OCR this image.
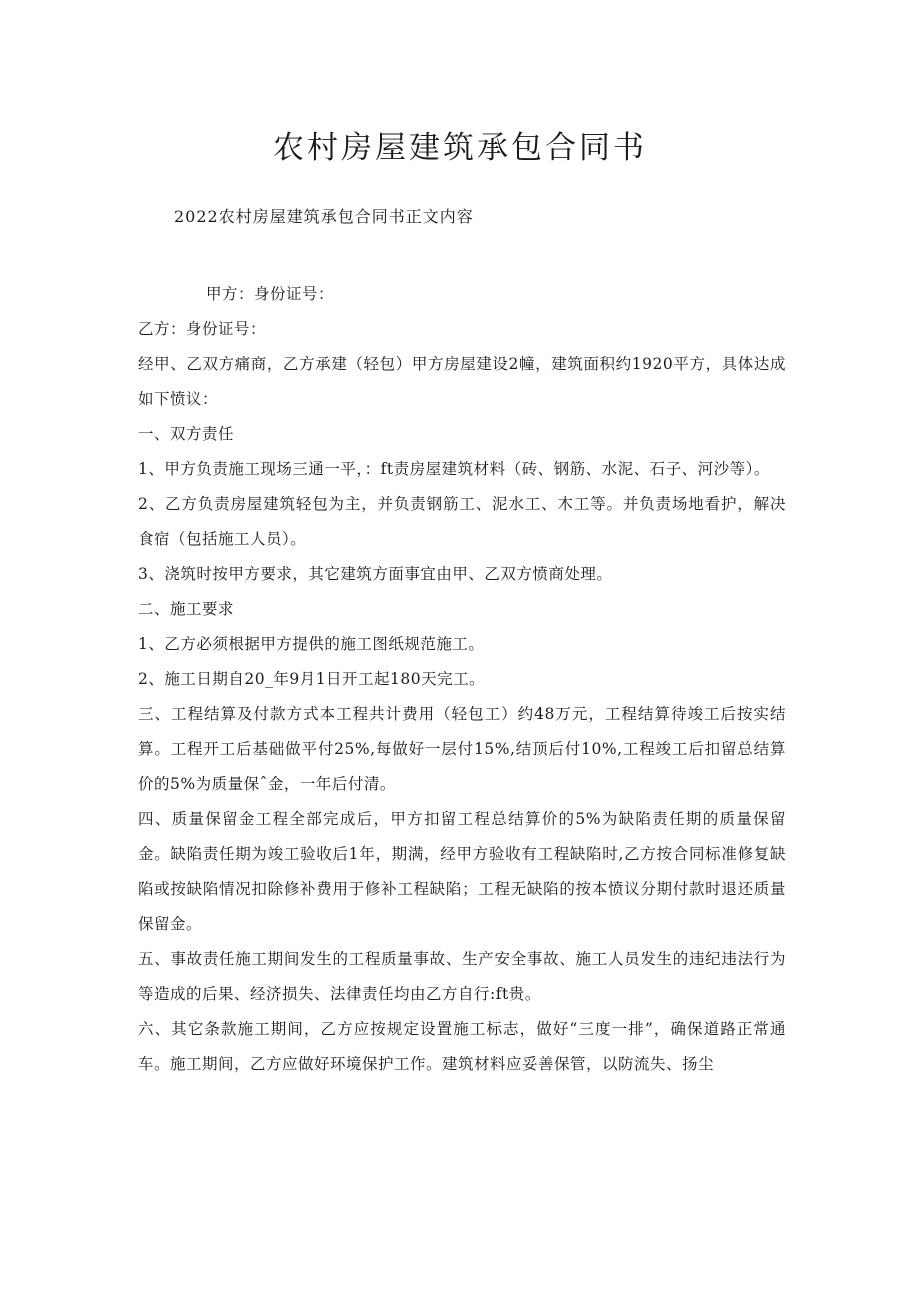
农村房屋建筑承包合同书
2022农村房屋建筑承包合同书正文内容

甲方：身份证号：

乙方：身份证号：

经甲、乙双方痛商，乙方承建（轻包）甲方房屋建设2幢，建筑面积约1920平方，具体达成如下愤议：

一、双方责任

1、甲方负责施工现场三通一平，：ft责房屋建筑材料（砖、钢筋、水泥、石子、河沙等）。

2、乙方负责房屋建筑轻包为主，并负责钢筋工、泥水工、木工等。并负责场地看护，解决食宿（包括施工人员）。

3、浇筑时按甲方要求，其它建筑方面事宜由甲、乙双方愤商处理。

二、施工要求

1、乙方必须根据甲方提供的施工图纸规范施工。

2、施工日期自20_年9月1日开工起180天完工。

三、工程结算及付款方式本工程共计费用（轻包工）约48万元，工程结算待竣工后按实结算。工程开工后基础做平付25%,每做好一层付15%,结顶后付10%,工程竣工后扣留总结算价的5%为质量保ˆ金，一年后付清。

四、质量保留金工程全部完成后，甲方扣留工程总结算价的5%为缺陷责任期的质量保留金。缺陷责任期为竣工验收后1年，期满，经甲方验收有工程缺陷时,乙方按合同标准修复缺陷或按缺陷情况扣除修补费用于修补工程缺陷；工程无缺陷的按本愤议分期付款时退还质量保留金。

五、事故责任施工期间发生的工程质量事故、生产安全事故、施工人员发生的违纪违法行为等造成的后果、经济损失、法律责任均由乙方自行:ft贵。

六、其它条款施工期间，乙方应按规定设置施工标志，做好“三度一排”，确保道路正常通车。施工期间，乙方应做好环境保护工作。建筑材料应妥善保管，以防流失、扬尘
